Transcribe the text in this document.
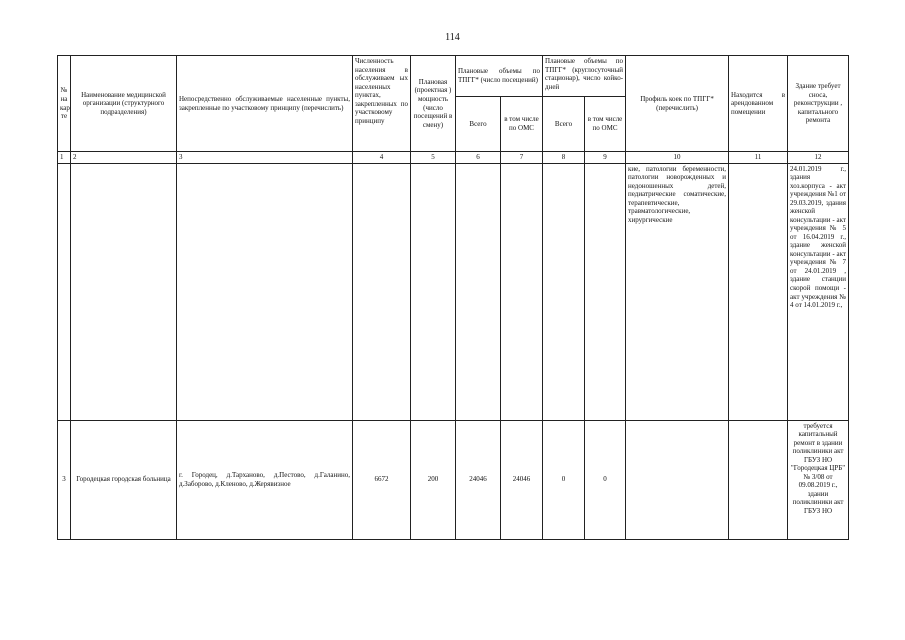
114
№ на кар те	Наименование медицинской организации (структурного подразделения)	Непосредственно обслуживаемые населенные пункты, закрепленные по участковому принципу (перечислить)	Численность населения в обслуживаем ых населенных пунктах, закрепленных по участковому принципу	Плановая (проектная ) мощность (число посещений в смену)	Плановые объемы по ТПГГ* (число посещений)		Плановые объемы по ТПГГ* (круглосуточный стационар), число койко-дней		Профиль коек по ТПГГ* (перечислить)	Находится в арендованном помещении	Здание требует сноса, реконструкции , капитального ремонта
					Всего	в том числе по ОМС	Всего	в том числе по ОМС			
1	2	3	4	5	6	7	8	9	10	11	12
									кие, патологии беременности, патологии новорожденных и недоношенных детей, педиатрические соматические, терапевтические, травматологические, хирургические		24.01.2019 г., здания хоз.корпуса - акт учреждения №1 от 29.03.2019, здания женской консультации - акт учреждения № 5 от 16.04.2019 г., здание женской консультации - акт учреждения № 7 от 24.01.2019 , здание станции скорой помощи - акт учреждения № 4 от 14.01.2019 г.,
3	Городецкая городская больница	г. Городец, д.Тарханово, д.Пестово, д.Галанино, д.Заборово, д.Кленово, д.Жерявизное	6672	200	24046	24046	0	0			требуется капитальный ремонт в здании поликлиники акт ГБУЗ НО "Городецкая ЦРБ" № 3/08 от 09.08.2019 г., здании поликлиники акт ГБУЗ НО
